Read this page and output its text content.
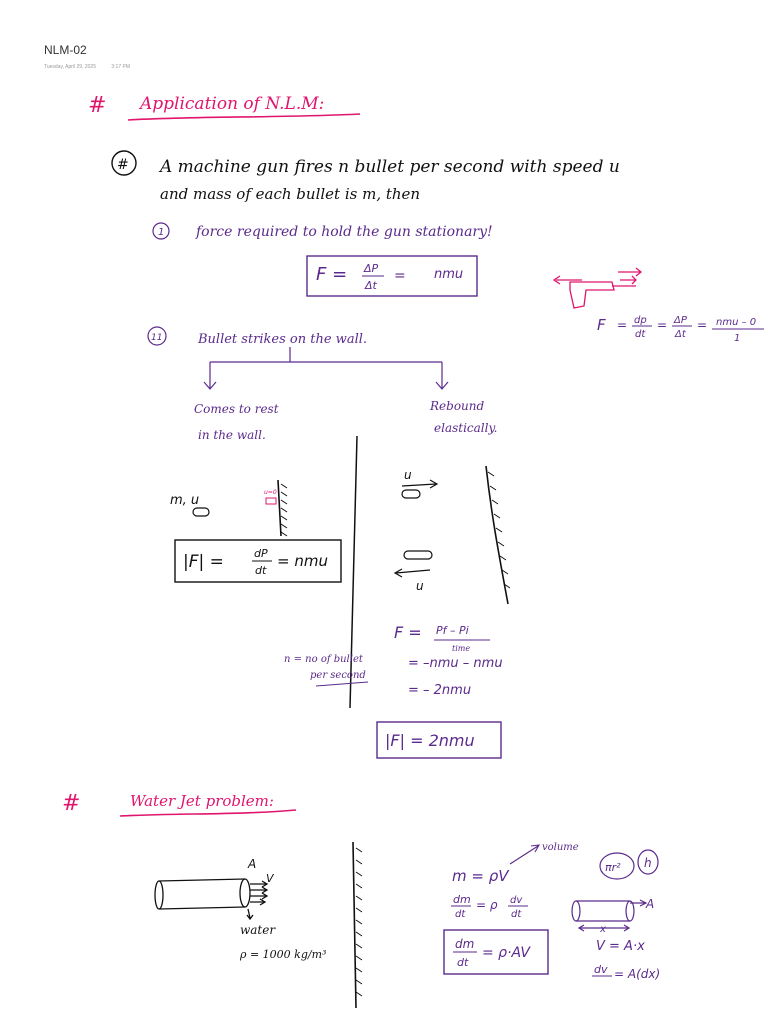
NLM-02
Tuesday, April 29, 2025	3:17 PM
# Application of N.L.M:
# A machine gun fires n bullet per second with speed u
and mass of each bullet is m, then
1 force required to hold the gun stationary!
F = ΔP
Δt
= nmu
F = dp
dt
= ΔP
Δt
= nmu – 0
1
11	Bullet strikes on the wall.
Comes to rest
in the wall.
Rebound
elastically.
m, u
|F| =	dP
dt
= nmu
u=0
u
u
F = Pf – Pi
time
= –nmu – nmu
= – 2nmu
n = no of bullet
per second
|F| = 2nmu
#	Water Jet problem:
A
V
water
ρ = 1000 kg/m³
m = ρV
volume
πr² h
dm
dt
= ρ dv
dt
dm
dt
= ρ·AV
A
x
V = A·x
dv = A(dx)
